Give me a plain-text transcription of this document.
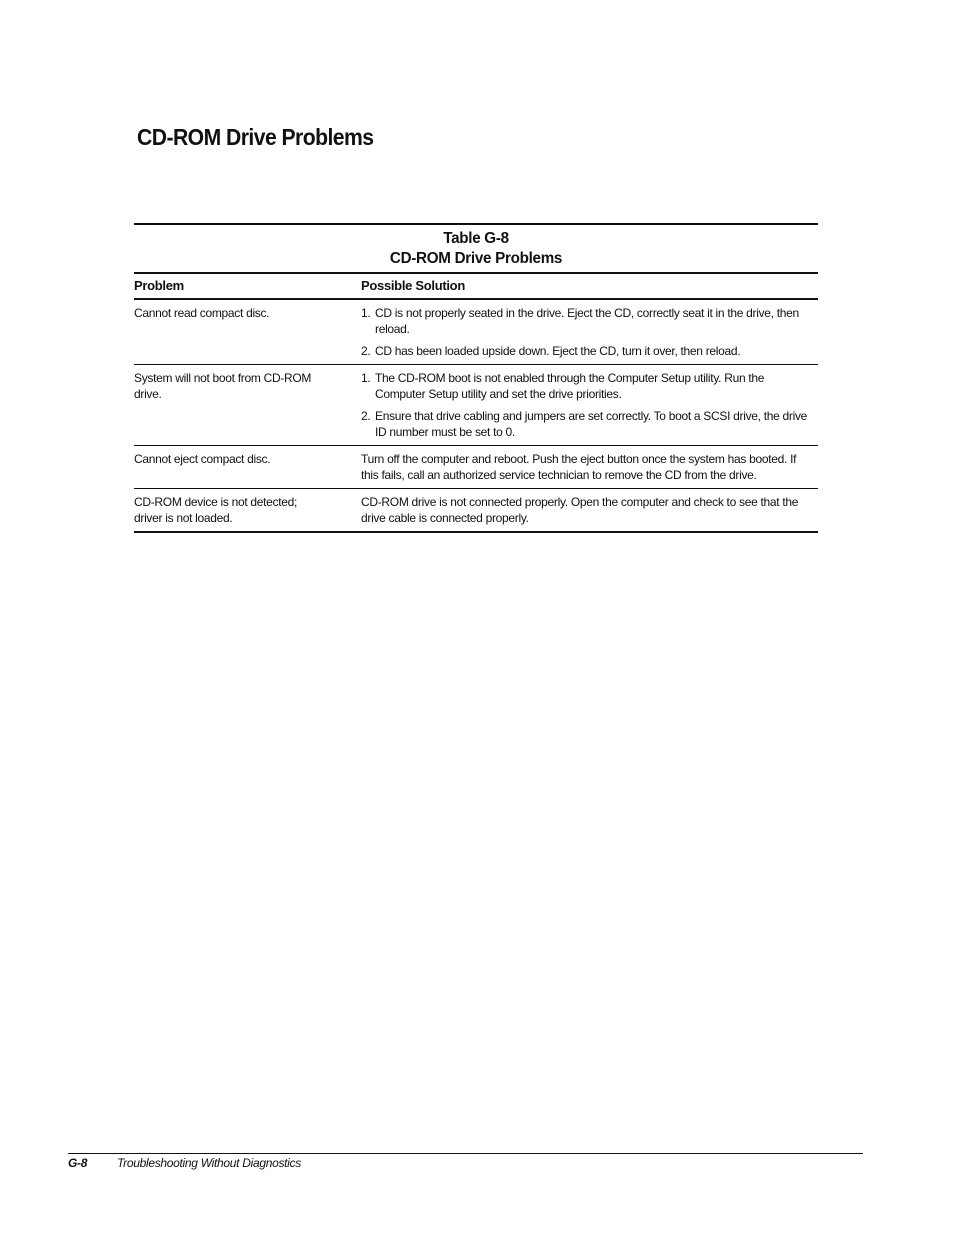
CD-ROM Drive Problems
Table G-8
CD-ROM Drive Problems
Problem	Possible Solution
Cannot read compact disc.	1. CD is not properly seated in the drive. Eject the CD, correctly seat it in the drive, then reload.
2. CD has been loaded upside down. Eject the CD, turn it over, then reload.

System will not boot from CD-ROM drive.	1. The CD-ROM boot is not enabled through the Computer Setup utility. Run the Computer Setup utility and set the drive priorities.
2. Ensure that drive cabling and jumpers are set correctly. To boot a SCSI drive, the drive ID number must be set to 0.

Cannot eject compact disc.	Turn off the computer and reboot. Push the eject button once the system has booted. If this fails, call an authorized service technician to remove the CD from the drive.
CD-ROM device is not detected; driver is not loaded.	CD-ROM drive is not connected properly. Open the computer and check to see that the drive cable is connected properly.
G-8 Troubleshooting Without Diagnostics
